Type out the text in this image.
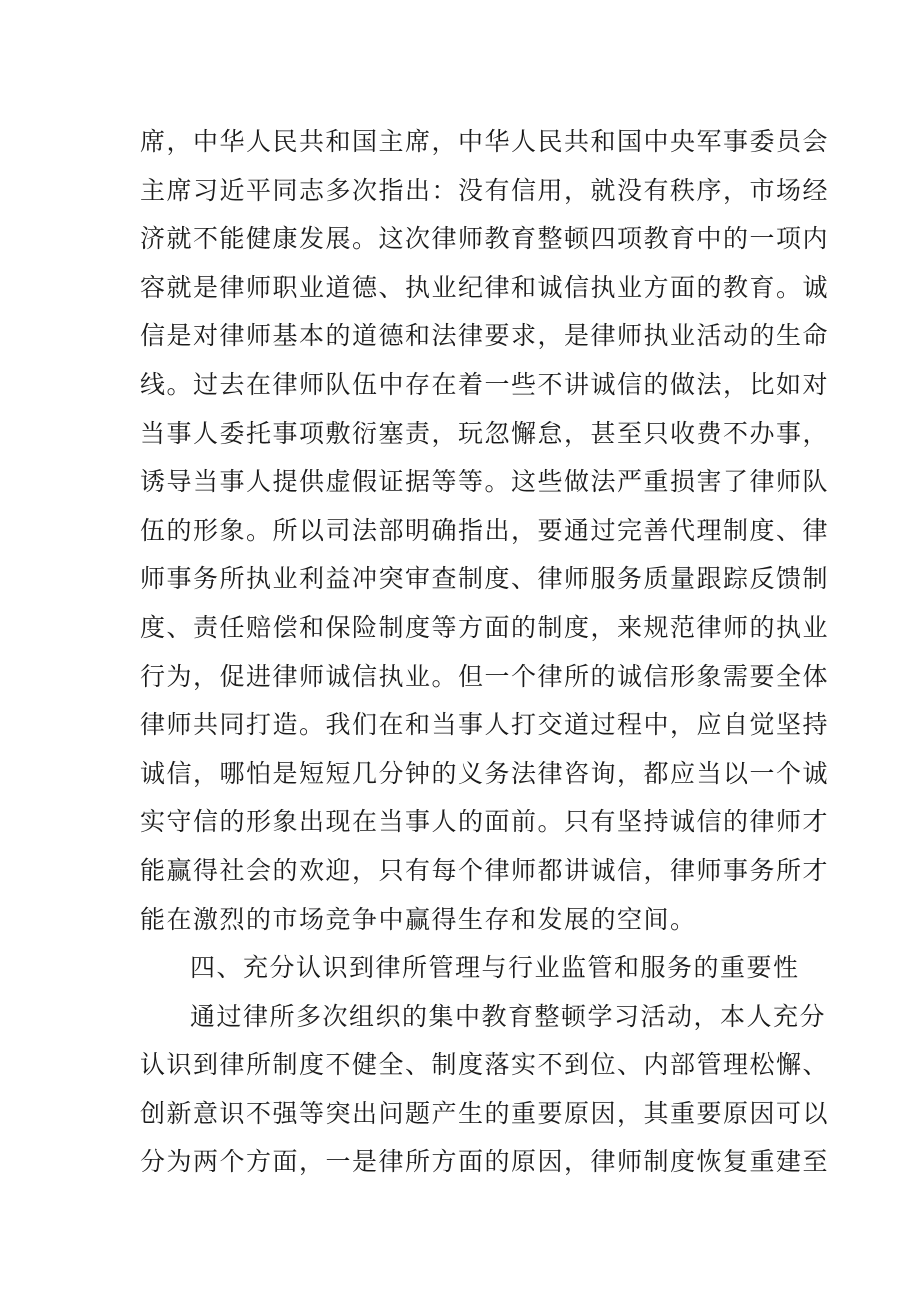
席，中华人民共和国主席，中华人民共和国中央军事委员会
主席习近平同志多次指出：没有信用，就没有秩序，市场经
济就不能健康发展。这次律师教育整顿四项教育中的一项内
容就是律师职业道德、执业纪律和诚信执业方面的教育。诚
信是对律师基本的道德和法律要求，是律师执业活动的生命
线。过去在律师队伍中存在着一些不讲诚信的做法，比如对
当事人委托事项敷衍塞责，玩忽懈怠，甚至只收费不办事，
诱导当事人提供虚假证据等等。这些做法严重损害了律师队
伍的形象。所以司法部明确指出，要通过完善代理制度、律
师事务所执业利益冲突审查制度、律师服务质量跟踪反馈制
度、责任赔偿和保险制度等方面的制度，来规范律师的执业
行为，促进律师诚信执业。但一个律所的诚信形象需要全体
律师共同打造。我们在和当事人打交道过程中，应自觉坚持
诚信，哪怕是短短几分钟的义务法律咨询，都应当以一个诚
实守信的形象出现在当事人的面前。只有坚持诚信的律师才
能赢得社会的欢迎，只有每个律师都讲诚信，律师事务所才
能在激烈的市场竞争中赢得生存和发展的空间。
四、充分认识到律所管理与行业监管和服务的重要性
通过律所多次组织的集中教育整顿学习活动，本人充分
认识到律所制度不健全、制度落实不到位、内部管理松懈、
创新意识不强等突出问题产生的重要原因，其重要原因可以
分为两个方面，一是律所方面的原因，律师制度恢复重建至
